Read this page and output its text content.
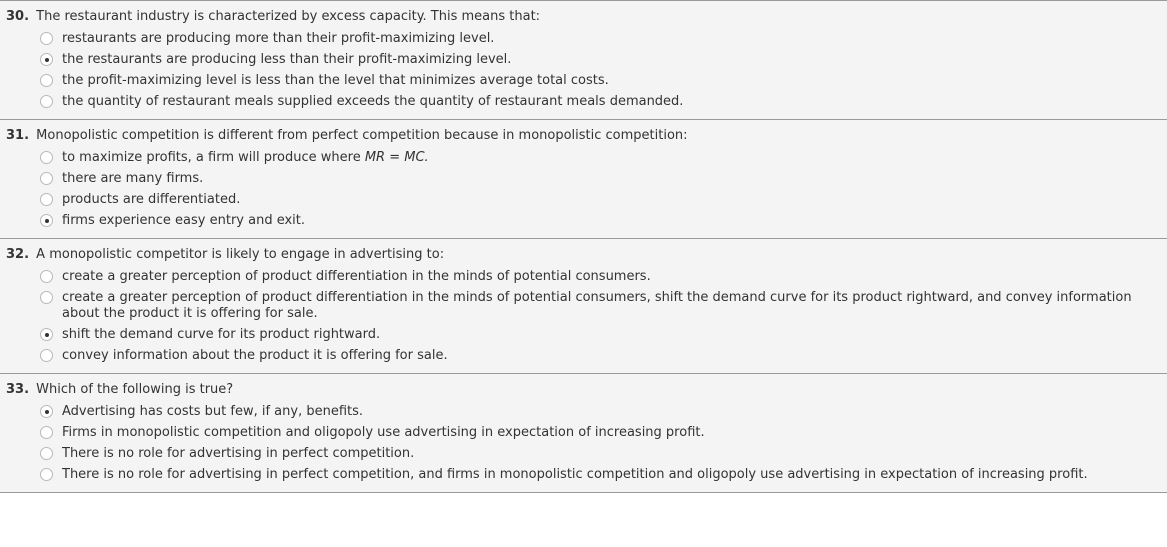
30. The restaurant industry is characterized by excess capacity. This means that:
restaurants are producing more than their profit-maximizing level.
the restaurants are producing less than their profit-maximizing level.
the profit-maximizing level is less than the level that minimizes average total costs.
the quantity of restaurant meals supplied exceeds the quantity of restaurant meals demanded.
31. Monopolistic competition is different from perfect competition because in monopolistic competition:
to maximize profits, a firm will produce where MR = MC.
there are many firms.
products are differentiated.
firms experience easy entry and exit.
32. A monopolistic competitor is likely to engage in advertising to:
create a greater perception of product differentiation in the minds of potential consumers.
create a greater perception of product differentiation in the minds of potential consumers, shift the demand curve for its product rightward, and convey information about the product it is offering for sale.
shift the demand curve for its product rightward.
convey information about the product it is offering for sale.
33. Which of the following is true?
Advertising has costs but few, if any, benefits.
Firms in monopolistic competition and oligopoly use advertising in expectation of increasing profit.
There is no role for advertising in perfect competition.
There is no role for advertising in perfect competition, and firms in monopolistic competition and oligopoly use advertising in expectation of increasing profit.
